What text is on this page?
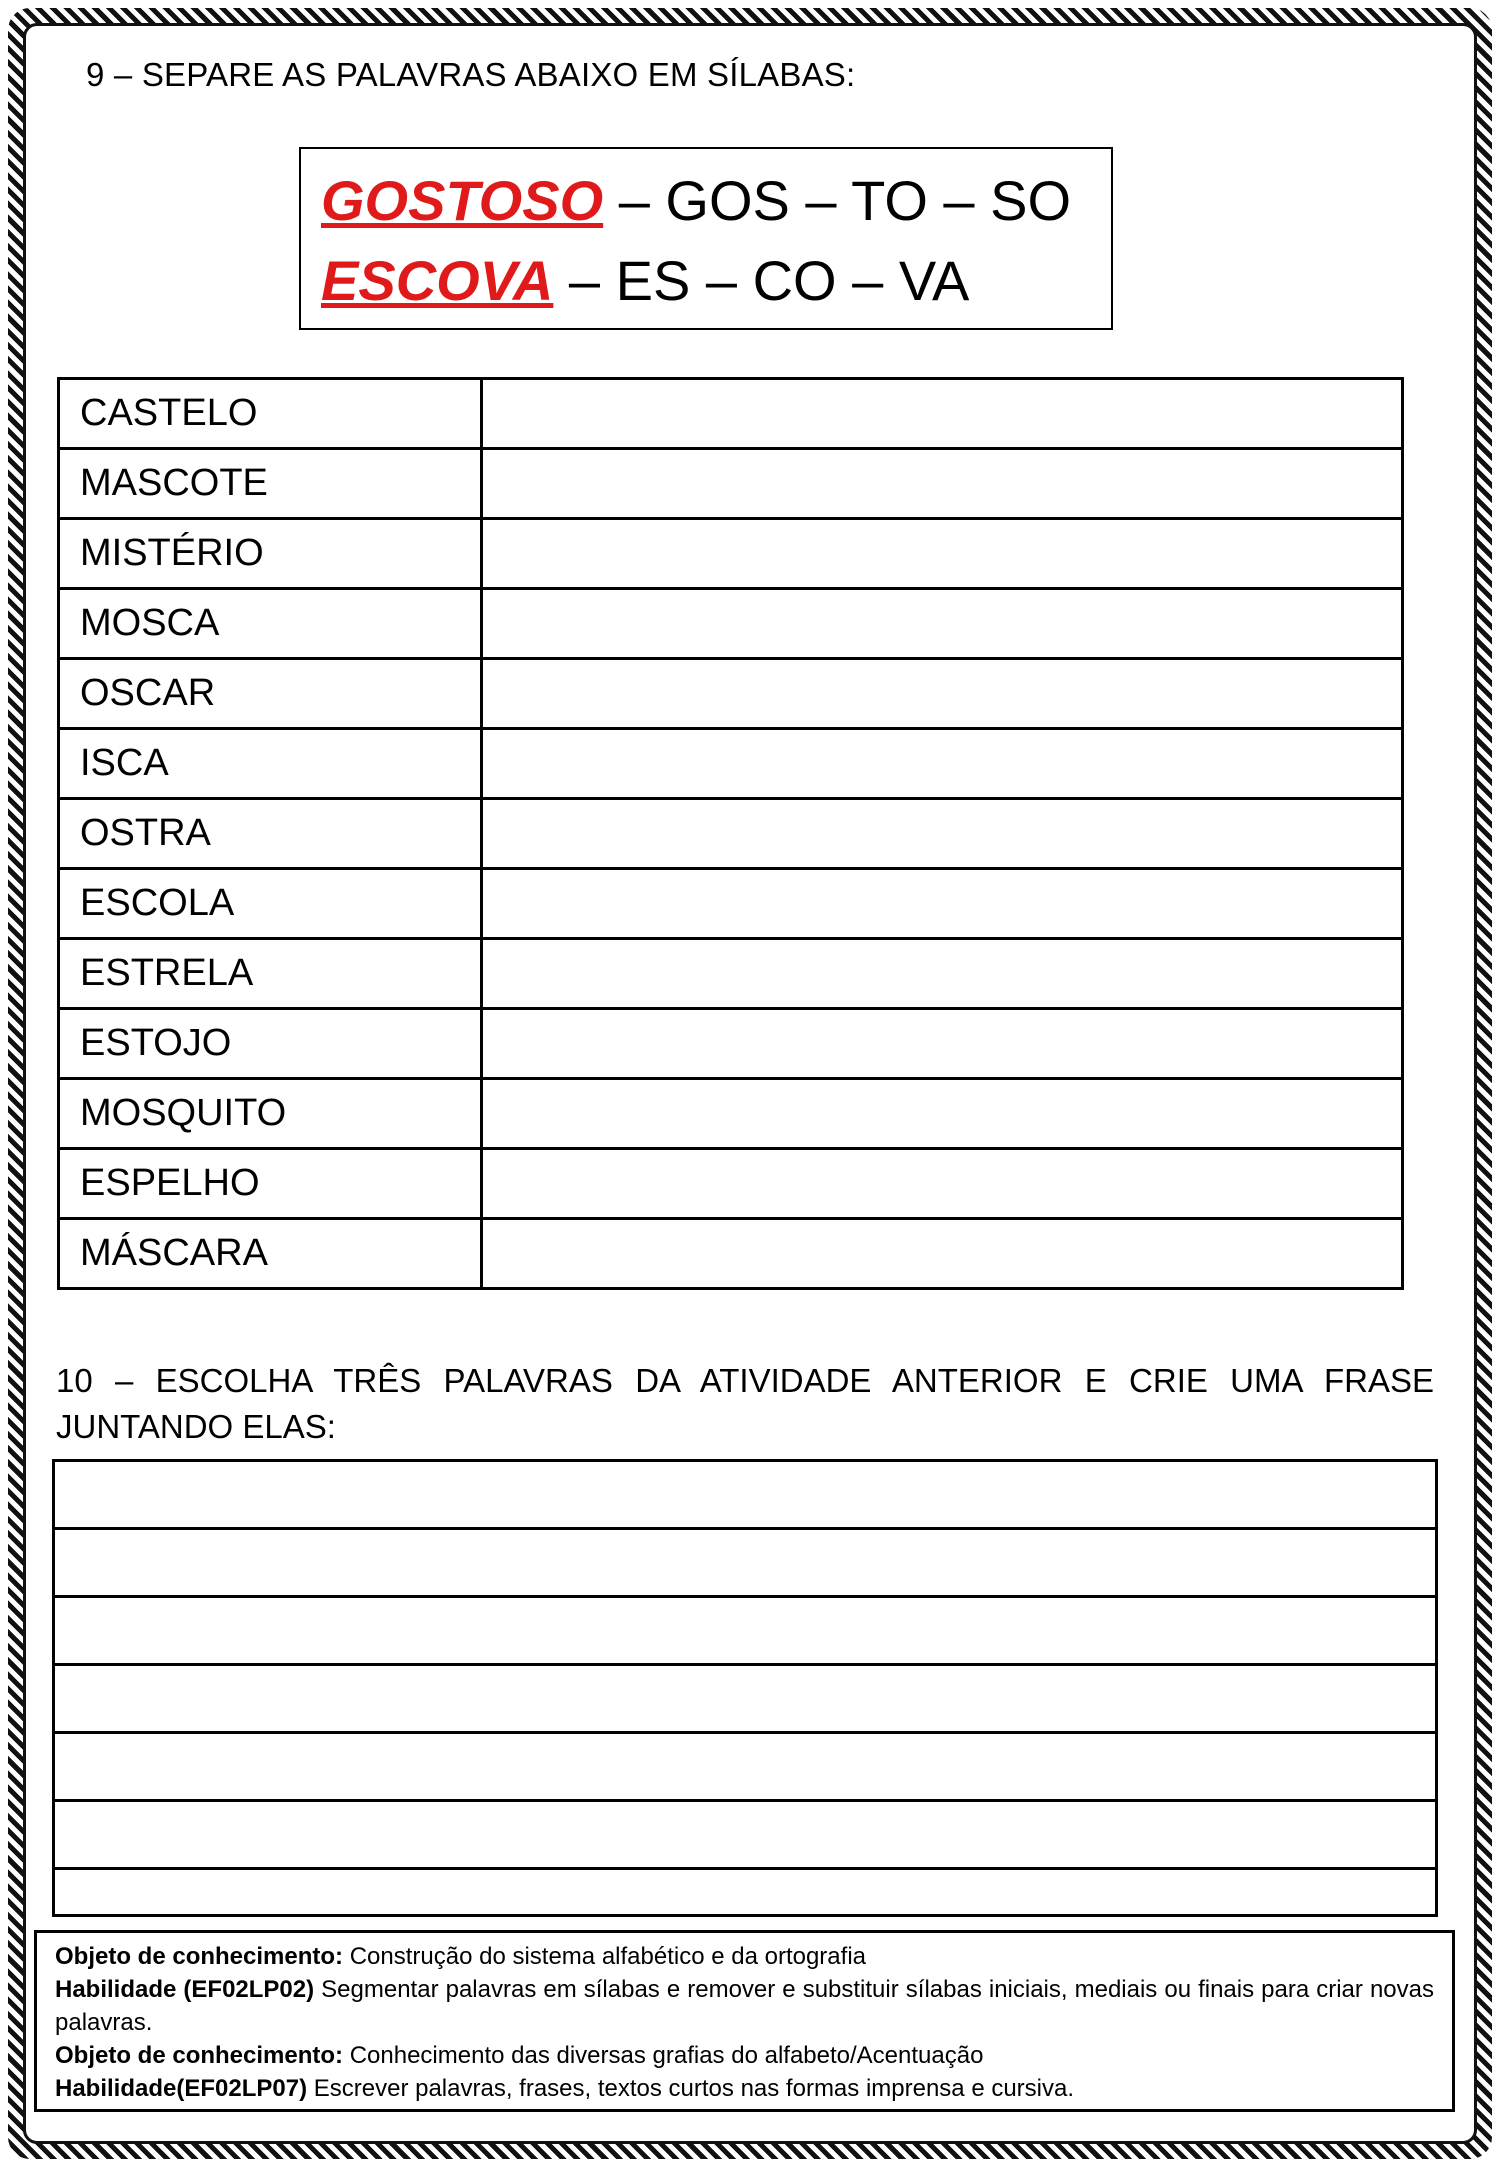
9 – SEPARE AS PALAVRAS ABAIXO EM SÍLABAS:
GOSTOSO – GOS – TO – SO
ESCOVA – ES – CO – VA
CASTELO	
MASCOTE	
MISTÉRIO	
MOSCA	
OSCAR	
ISCA	
OSTRA	
ESCOLA	
ESTRELA	
ESTOJO	
MOSQUITO	
ESPELHO	
MÁSCARA	
10 – ESCOLHA TRÊS PALAVRAS DA ATIVIDADE ANTERIOR E CRIE UMA FRASE JUNTANDO ELAS:
Objeto de conhecimento: Construção do sistema alfabético e da ortografia
Habilidade (EF02LP02) Segmentar palavras em sílabas e remover e substituir sílabas iniciais, mediais ou finais para criar novas palavras.
Objeto de conhecimento: Conhecimento das diversas grafias do alfabeto/Acentuação
Habilidade(EF02LP07) Escrever palavras, frases, textos curtos nas formas imprensa e cursiva.
